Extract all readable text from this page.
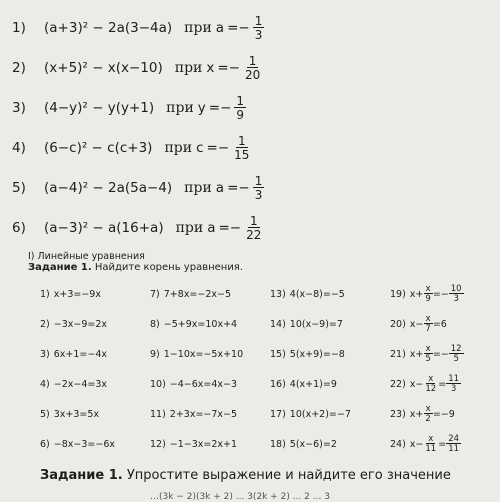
1)	(a+3)² − 2a(3−4a) при $a =- \frac{1}{3}$
2)	(x+5)² − x(x−10) при $x =- \frac{1}{20}$
3)	(4−y)² − y(y+1) при $y =- \frac{1}{9}$
4)	(6−c)² − c(c+3) при $c =- \frac{1}{15}$
5)	(a−4)² − 2a(5a−4) при $a =- \frac{1}{3}$
6)	(a−3)² − a(16+a) при $a =- \frac{1}{22}$
I) Линейные уравнения
Задание 1. Найдите корень уравнения.
1) x+3=−9x	7) 7+8x=−2x−5	13) 4(x−8)=−5	19) $x+ \frac{x}{9} =- \frac{10}{3}$
2) −3x−9=2x	8) −5+9x=10x+4	14) 10(x−9)=7	20) $x- \frac{x}{7} =6$
3) 6x+1=−4x	9) 1−10x=−5x+10	15) 5(x+9)=−8	21) $x+ \frac{x}{5} =- \frac{12}{5}$
4) −2x−4=3x	10) −4−6x=4x−3	16) 4(x+1)=9	22) $x- \frac{x}{12} = \frac{11}{3}$
5) 3x+3=5x	11) 2+3x=−7x−5	17) 10(x+2)=−7	23) $x+ \frac{x}{2} =-9$
6) −8x−3=−6x	12) −1−3x=2x+1	18) 5(x−6)=2	24) $x- \frac{x}{11} = \frac{24}{11}$
Задание 1. Упростите выражение и найдите его значение
…(3k − 2)(3k + 2) ... 3(2k + 2) ... 2 ... 3
